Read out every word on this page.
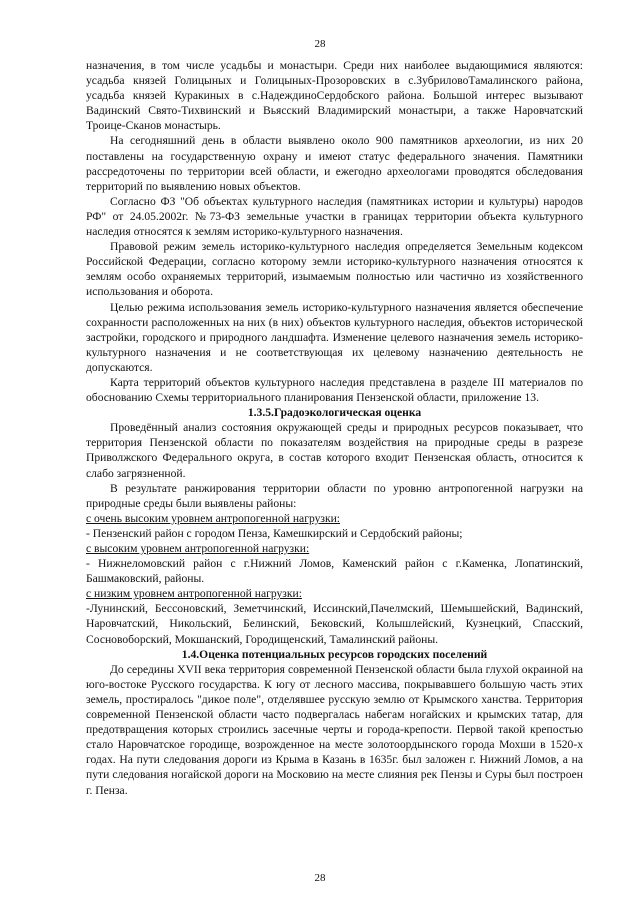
28

назначения, в том числе усадьбы и монастыри. Среди них наиболее выдающимися являются: усадьба князей Голицыных и Голицыных-Прозоровских в с.ЗубриловоТамалинского района, усадьба князей Куракиных в с.НадеждиноСердобского района. Большой интерес вызывают Вадинский Свято-Тихвинский и Вьясский Владимирский монастыри, а также Наровчатский Троице-Сканов монастырь.

На сегодняшний день в области выявлено около 900 памятников археологии, из них 20 поставлены на государственную охрану и имеют статус федерального значения. Памятники рассредоточены по территории всей области, и ежегодно археологами проводятся обследования территорий по выявлению новых объектов.

Согласно ФЗ "Об объектах культурного наследия (памятниках истории и культуры) народов РФ" от 24.05.2002г. №73-ФЗ земельные участки в границах территории объекта культурного наследия относятся к землям историко-культурного назначения.

Правовой режим земель историко-культурного наследия определяется Земельным кодексом Российской Федерации, согласно которому земли историко-культурного назначения относятся к землям особо охраняемых территорий, изымаемым полностью или частично из хозяйственного использования и оборота.

Целью режима использования земель историко-культурного назначения является обеспечение сохранности расположенных на них (в них) объектов культурного наследия, объектов исторической застройки, городского и природного ландшафта. Изменение целевого назначения земель историко-культурного назначения и не соответствующая их целевому назначению деятельность не допускаются.

Карта территорий объектов культурного наследия представлена в разделе III материалов по обоснованию Схемы территориального планирования Пензенской области, приложение 13.

1.3.5.Градоэкологическая оценка

Проведённый анализ состояния окружающей среды и природных ресурсов показывает, что территория Пензенской области по показателям воздействия на природные среды в разрезе Приволжского Федерального округа, в состав которого входит Пензенская область, относится к слабо загрязненной.

В результате ранжирования территории области по уровню антропогенной нагрузки на природные среды были выявлены районы:

с очень высоким уровнем антропогенной нагрузки:

- Пензенский район с городом Пенза, Камешкирский и Сердобский районы;

с высоким уровнем антропогенной нагрузки:

- Нижнеломовский район с г.Нижний Ломов, Каменский район с г.Каменка, Лопатинский, Башмаковский, районы.

с низким уровнем антропогенной нагрузки:

-Лунинский, Бессоновский, Земетчинский, Иссинский,Пачелмский, Шемышейский, Вадинский, Наровчатский, Никольский, Белинский, Бековский, Колышлейский, Кузнецкий, Спасский, Сосновоборский, Мокшанский, Городищенский, Тамалинский районы.

1.4.Оценка потенциальных ресурсов городских поселений

До середины XVII века территория современной Пензенской области была глухой окраиной на юго-востоке Русского государства. К югу от лесного массива, покрывавшего большую часть этих земель, простиралось "дикое поле", отделявшее русскую землю от Крымского ханства. Территория современной Пензенской области часто подвергалась набегам ногайских и крымских татар, для предотвращения которых строились засечные черты и города-крепости. Первой такой крепостью стало Наровчатское городище, возрожденное на месте золотоордынского города Мохши в 1520-х годах. На пути следования дороги из Крыма в Казань в 1635г. был заложен г. Нижний Ломов, а на пути следования ногайской дороги на Московию на месте слияния рек Пензы и Суры был построен г. Пенза.

28
